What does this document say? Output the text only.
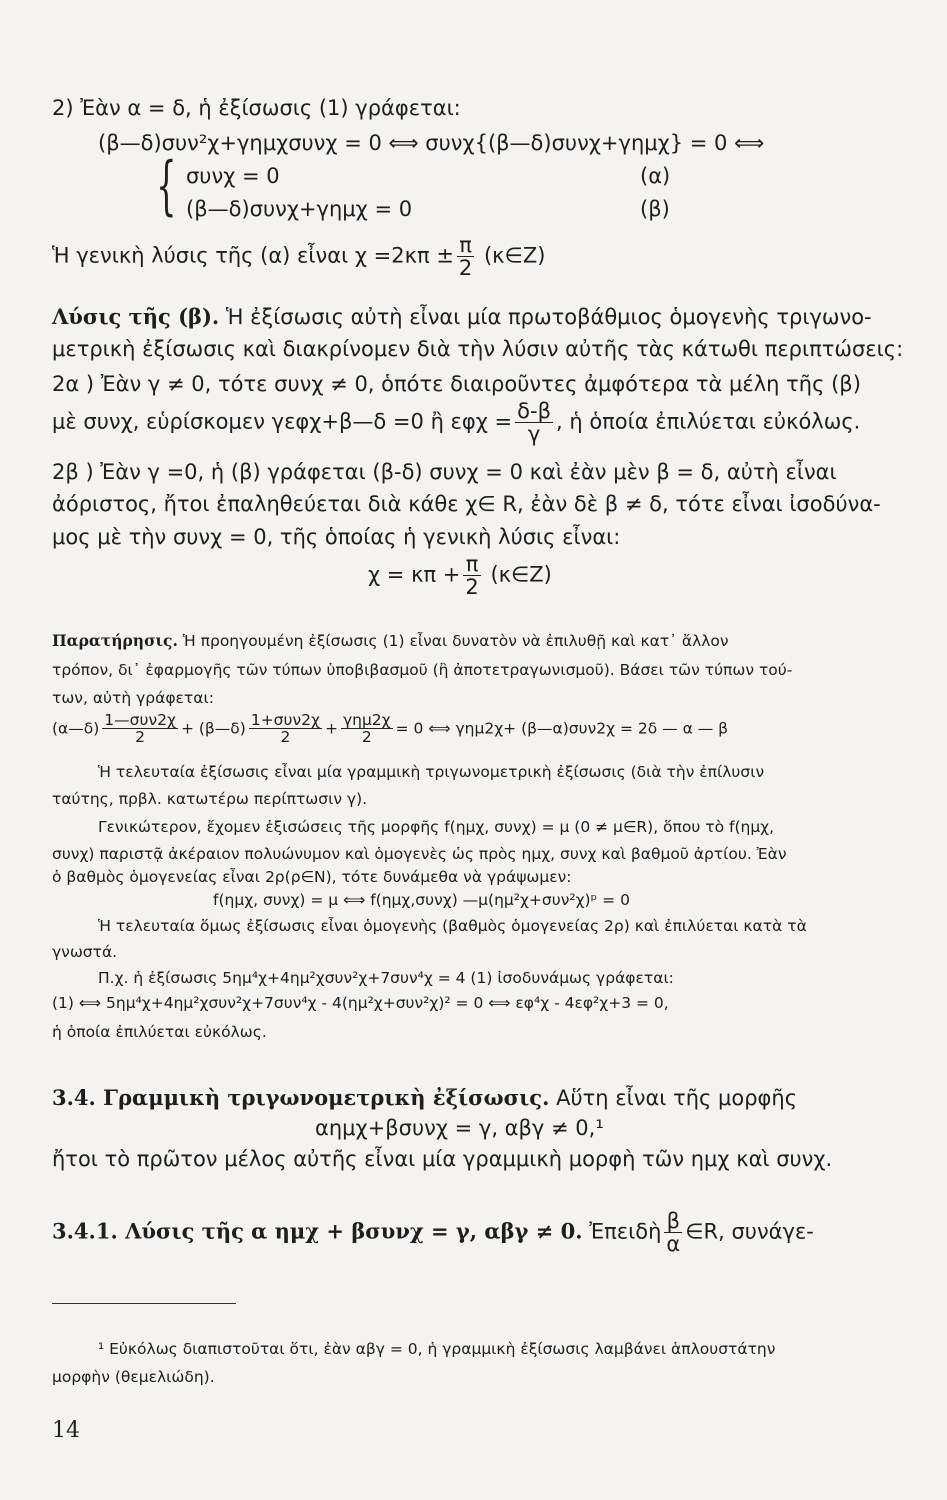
2) Ἐὰν α = δ, ἡ ἐξίσωσις (1) γράφεται:
(β—δ)συν²χ+γημχσυνχ = 0 ⟺ συνχ{(β—δ)συνχ+γημχ} = 0 ⟺
{ συνχ = 0	(α)
(β—δ)συνχ+γημχ = 0	(β)
Ἡ γενικὴ λύσις τῆς (α) εἶναι $\chi =2\kappa\pi \pm \frac{\pi}{2}$ (κ∈Z)
Λύσις τῆς (β). Ἡ ἐξίσωσις αὐτὴ εἶναι μία πρωτοβάθμιος ὁμογενὴς τριγωνο-
μετρικὴ ἐξίσωσις καὶ διακρίνομεν διὰ τὴν λύσιν αὐτῆς τὰς κάτωθι περιπτώσεις:
2α ) Ἐὰν γ ≠ 0, τότε συνχ ≠ 0, ὁπότε διαιροῦντες ἀμφότερα τὰ μέλη τῆς (β)
μὲ συνχ, εὑρίσκομεν γεφχ+β—δ =0 ἢ $\varepsilon\varphi\chi = \frac{\delta-\beta}{\gamma}$ , ἡ ὁποία ἐπιλύεται εὐκόλως.
2β ) Ἐὰν γ =0, ἡ (β) γράφεται (β-δ) συνχ = 0 καὶ ἐὰν μὲν β = δ, αὐτὴ εἶναι
ἀόριστος, ἤτοι ἐπαληθεύεται διὰ κάθε χ∈ R, ἐὰν δὲ β ≠ δ, τότε εἶναι ἰσοδύνα-
μος μὲ τὴν συνχ = 0, τῆς ὁποίας ἡ γενικὴ λύσις εἶναι:
$\chi = \kappa\pi + \frac{\pi}{2}$ (κ∈Z)
Παρατήρησις. Ἡ προηγουμένη ἐξίσωσις (1) εἶναι δυνατὸν νὰ ἐπιλυθῇ καὶ κατ᾽ ἄλλον
τρόπον, δι᾽ ἐφαρμογῆς τῶν τύπων ὑποβιβασμοῦ (ἢ ἀποτετραγωνισμοῦ). Βάσει τῶν τύπων τού-
των, αὐτὴ γράφεται:
(α—δ) $\frac{\text{1—συν2χ}}{2}$ + (β—δ) $\frac{\text{1+συν2χ}}{2} + \frac{\text{γημ2χ}}{2} = 0$ ⟺ γημ2χ+ (β—α)συν2χ = 2δ — α — β
Ἡ τελευταία ἐξίσωσις εἶναι μία γραμμικὴ τριγωνομετρικὴ ἐξίσωσις (διὰ τὴν ἐπίλυσιν
ταύτης, πρβλ. κατωτέρω περίπτωσιν γ).
Γενικώτερον, ἔχομεν ἐξισώσεις τῆς μορφῆς f(ημχ, συνχ) = μ (0 ≠ μ∈R), ὅπου τὸ f(ημχ,
συνχ) παριστᾷ ἀκέραιον πολυώνυμον καὶ ὁμογενὲς ὡς πρὸς ημχ, συνχ καὶ βαθμοῦ ἀρτίου. Ἐὰν
ὁ βαθμὸς ὁμογενείας εἶναι 2ρ(ρ∈N), τότε δυνάμεθα νὰ γράψωμεν:
f(ημχ, συνχ) = μ ⟺ f(ημχ,συνχ) —μ(ημ²χ+συν²χ)ᵖ = 0
Ἡ τελευταία ὅμως ἐξίσωσις εἶναι ὁμογενὴς (βαθμὸς ὁμογενείας 2ρ) καὶ ἐπιλύεται κατὰ τὰ
γνωστά.
Π.χ. ἡ ἐξίσωσις 5ημ⁴χ+4ημ²χσυν²χ+7συν⁴χ = 4 (1) ἰσοδυνάμως γράφεται:
(1) ⟺ 5ημ⁴χ+4ημ²χσυν²χ+7συν⁴χ - 4(ημ²χ+συν²χ)² = 0 ⟺ εφ⁴χ - 4εφ²χ+3 = 0,
ἡ ὁποία ἐπιλύεται εὐκόλως.
3.4. Γραμμικὴ τριγωνομετρικὴ ἐξίσωσις. Αὕτη εἶναι τῆς μορφῆς
αημχ+βσυνχ = γ, αβγ ≠ 0,¹
ἤτοι τὸ πρῶτον μέλος αὐτῆς εἶναι μία γραμμικὴ μορφὴ τῶν ημχ καὶ συνχ.
3.4.1. Λύσις τῆς α ημχ + βσυνχ = γ, αβγ ≠ 0. Ἐπειδὴ $\frac{\beta}{\alpha}$ ∈R, συνάγε-
¹ Εὐκόλως διαπιστοῦται ὅτι, ἐὰν αβγ = 0, ἡ γραμμικὴ ἐξίσωσις λαμβάνει ἁπλουστάτην
μορφὴν (θεμελιώδη).
14
